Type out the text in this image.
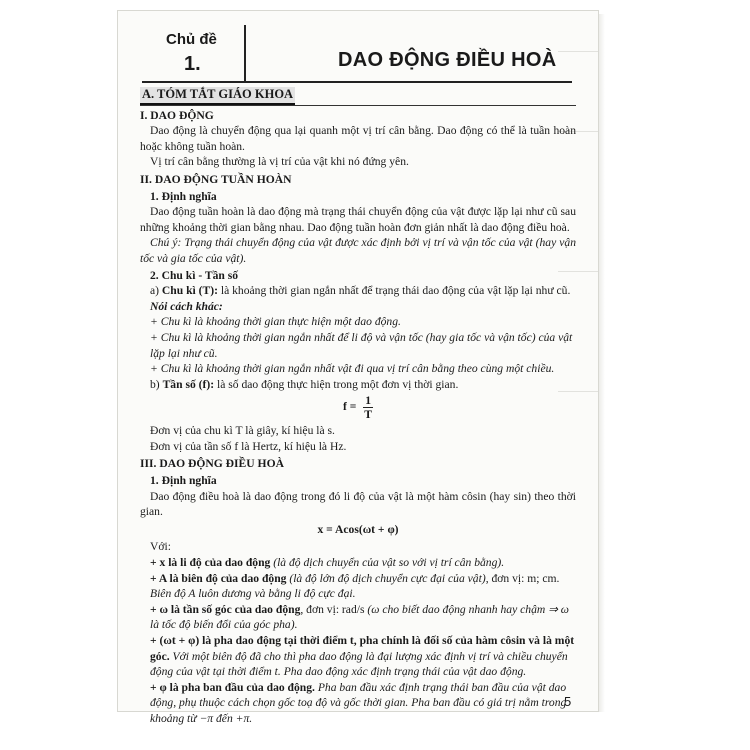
Chủ đề
1.	DAO ĐỘNG ĐIỀU HOÀ
A. TÓM TẮT GIÁO KHOA
I. DAO ĐỘNG

Dao động là chuyển động qua lại quanh một vị trí cân bằng. Dao động có thể là tuần hoàn hoặc không tuần hoàn.

Vị trí cân bằng thường là vị trí của vật khi nó đứng yên.

II. DAO ĐỘNG TUẦN HOÀN
1. Định nghĩa

Dao động tuần hoàn là dao động mà trạng thái chuyển động của vật được lặp lại như cũ sau những khoảng thời gian bằng nhau. Dao động tuần hoàn đơn giản nhất là dao động điều hoà.

Chú ý: Trạng thái chuyển động của vật được xác định bởi vị trí và vận tốc của vật (hay vận tốc và gia tốc của vật).

2. Chu kì - Tần số

a) Chu kì (T): là khoảng thời gian ngắn nhất để trạng thái dao động của vật lặp lại như cũ.

Nói cách khác:

+ Chu kì là khoảng thời gian thực hiện một dao động.

+ Chu kì là khoảng thời gian ngắn nhất để li độ và vận tốc (hay gia tốc và vận tốc) của vật lặp lại như cũ.

+ Chu kì là khoảng thời gian ngắn nhất vật đi qua vị trí cân bằng theo cùng một chiều.

b) Tần số (f): là số dao động thực hiện trong một đơn vị thời gian.

$f = \frac{1}{T}$

Đơn vị của chu kì T là giây, kí hiệu là s.

Đơn vị của tần số f là Hertz, kí hiệu là Hz.

III. DAO ĐỘNG ĐIỀU HOÀ
1. Định nghĩa

Dao động điều hoà là dao động trong đó li độ của vật là một hàm côsin (hay sin) theo thời gian.

x = Acos(ωt + φ)

Với:

+ x là li độ của dao động (là độ dịch chuyển của vật so với vị trí cân bằng).

+ A là biên độ của dao động (là độ lớn độ dịch chuyển cực đại của vật), đơn vị: m; cm. Biên độ A luôn dương và bằng li độ cực đại.

+ ω là tần số góc của dao động, đơn vị: rad/s (ω cho biết dao động nhanh hay chậm ⇒ ω là tốc độ biến đổi của góc pha).

+ (ωt + φ) là pha dao động tại thời điểm t, pha chính là đối số của hàm côsin và là một góc. Với một biên độ đã cho thì pha dao động là đại lượng xác định vị trí và chiều chuyển động của vật tại thời điểm t. Pha dao động xác định trạng thái của vật dao động.

+ φ là pha ban đầu của dao động. Pha ban đầu xác định trạng thái ban đầu của vật dao động, phụ thuộc cách chọn gốc toạ độ và gốc thời gian. Pha ban đầu có giá trị nằm trong khoảng từ −π đến +π.

5
